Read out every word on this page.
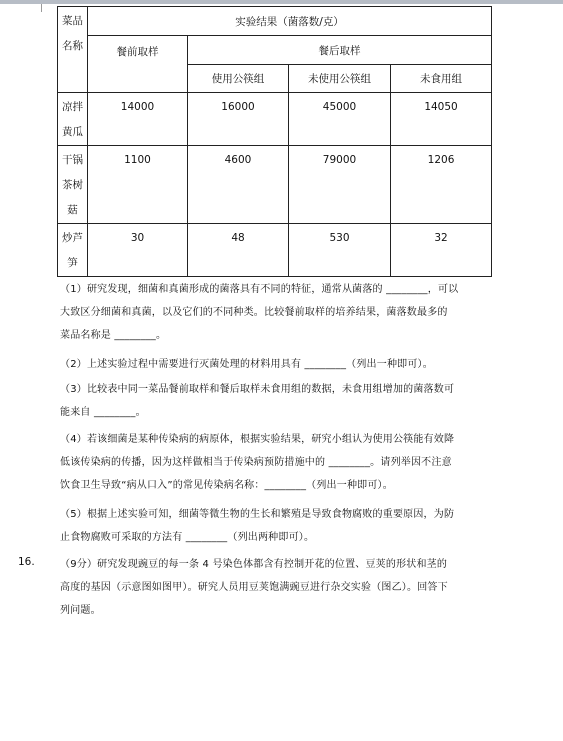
菜品
名称	实验结果（菌落数/克）			
	餐前取样	餐后取样		
		使用公筷组	未使用公筷组	未食用组

凉拌
黄瓜	14000	16000	45000	14050

干锅
茶树
菇	1100	4600	79000	1206

炒芦
笋	30	48	530	32
（1）研究发现，细菌和真菌形成的菌落具有不同的特征，通常从菌落的 ________，可以
大致区分细菌和真菌，以及它们的不同种类。比较餐前取样的培养结果，菌落数最多的
菜品名称是 ________。
（2）上述实验过程中需要进行灭菌处理的材料用具有 ________（列出一种即可）。
（3）比较表中同一菜品餐前取样和餐后取样未食用组的数据，未食用组增加的菌落数可
能来自 ________。
（4）若该细菌是某种传染病的病原体，根据实验结果，研究小组认为使用公筷能有效降
低该传染病的传播，因为这样做相当于传染病预防措施中的 ________。请列举因不注意
饮食卫生导致“病从口入”的常见传染病名称：________（列出一种即可）。
（5）根据上述实验可知，细菌等微生物的生长和繁殖是导致食物腐败的重要原因，为防
止食物腐败可采取的方法有 ________（列出两种即可）。
16.	（9分）研究发现豌豆的每一条 4 号染色体都含有控制开花的位置、豆荚的形状和茎的
高度的基因（示意图如图甲）。研究人员用豆荚饱满豌豆进行杂交实验（图乙）。回答下
列问题。
